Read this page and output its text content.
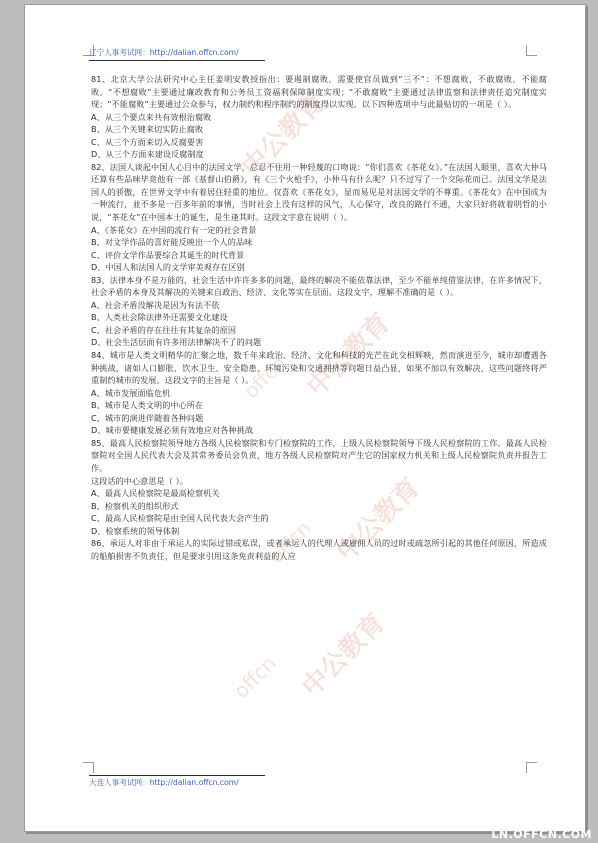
辽宁人事考试网：http://dalian.offcn.com/
中公教育
中公教育
offcn
中公教育
offcn
中公教育
offcn

81、北京大学公法研究中心主任姜明安教授指出：要遏制腐败，需要使官员做到“三不”：不想腐败，不敢腐败，不能腐败。“不想腐败”主要通过廉政教育和公务员工资福利保障制度实现；“不敢腐败”主要通过法律监察和法律责任追究制度实现；“不能腐败”主要通过公众参与，权力制约和程序制约的制度得以实现。以下四种选项中与此最贴切的一项是（ ）。

A、从三个要点来共有效根治腐败

B、从三个关键来切实防止腐败

C、从三个方面来切入反腐要害

D、从三个方面来建设反腐制度

82、法国人谈起中国人心目中的法国文学，总忍不住用一种轻蔑的口吻说：“你们喜欢《茶花女》。”在法国人眼里，喜欢大仲马还算有些品味毕竟他有一部《基督山伯爵》，有《三个火枪手》，小仲马有什么呢？只不过写了一个交际花而已。法国文学是法国人的骄傲，在世界文学中有着居住轻重的地位。仅喜欢《茶花女》，显而易见是对法国文学的不尊重。《茶花女》在中国成为一种流行，並不多是一百多年前的事情，当时社会上没有这样的风气，人心保守，改良的路行不通，大家只好将就着明哲的小说，“茶花女”在中国本土的诞生，是生逢其时。这段文字意在说明（ ）。

A、《茶花女》在中国的流行有一定的社会背景

B、对文学作品的喜好能反映出一个人的品味

C、评价文学作品要综合其诞生的时代背景

D、中国人和法国人的文学审美观存在区别

83、法律本身不是万能的，社会生活中许许多多的问题，最终的解决不能依靠法律，至少不能单纯借鉴法律，在许多情况下，社会矛盾的本身及其解决的关键来自政治、经济、文化等实在层面。这段文字，理解不准确的是（ ）。

A、社会矛盾没解决是因为有法不依

B、人类社会除法律外还需要文化建设

C、社会矛盾的存在往往有其复杂的原因

D、社会生活层面有许多用法律解决不了的问题

84、城市是人类文明精华的汇聚之地，数千年来政治、经济、文化和科技的光芒在此交相辉映，然而演进至今，城市却遭遇各种挑战，诸如人口膨胀、饮水卫生、安全隐患、环境污染和交通拥挤等问题日益凸显，如果不加以有效解决，这些问题终将严重制约城市的发展。这段文字的主旨是（ ）。

A、城市发展面临危机

B、城市是人类文明的中心所在

C、城市的演进伴随着各种问题

D、城市要健康发展必须有效地应对各种挑战

85、最高人民检察院领导地方各级人民检察院和专门检察院的工作，上级人民检察院领导下级人民检察院的工作。最高人民检察院对全国人民代表大会及其常务委员会负责，地方各级人民检察院对产生它的国家权力机关和上级人民检察院负责并报告工作。

这段话的中心意思是（ ）。

A、最高人民检察院是最高检察机关

B、检察机关的组织形式

C、最高人民检察院是由全国人民代表大会产生的

D、检察系统的领导体制

86、承运人对非由于承运人的实际过错或私误，或者承运人的代理人或雇佣人员的过时或疏忽所引起的其他任何原因，所造成的船舶损害不负责任，但是要求引用这条免责利益的人应

大连人事考试网：http://dalian.offcn.com/
LN.OFFCN.COM
